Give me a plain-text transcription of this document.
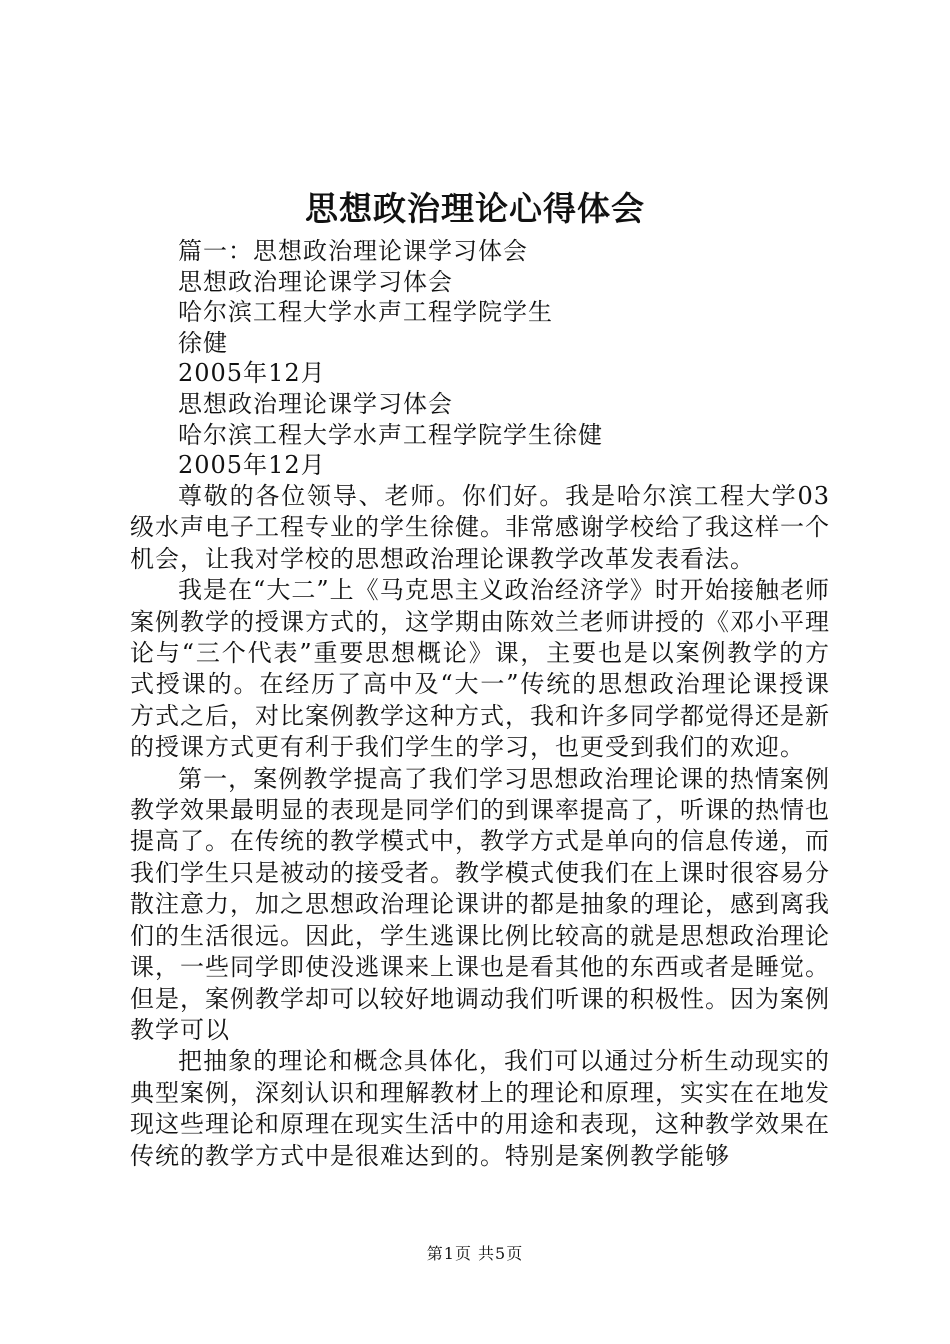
思想政治理论心得体会
篇一：思想政治理论课学习体会
思想政治理论课学习体会
哈尔滨工程大学水声工程学院学生
徐健
2005年12月
思想政治理论课学习体会
哈尔滨工程大学水声工程学院学生徐健
2005年12月

尊敬的各位领导、老师。你们好。我是哈尔滨工程大学03级水声电子工程专业的学生徐健。非常感谢学校给了我这样一个机会，让我对学校的思想政治理论课教学改革发表看法。

我是在“大二”上《马克思主义政治经济学》时开始接触老师案例教学的授课方式的，这学期由陈效兰老师讲授的《邓小平理论与“三个代表”重要思想概论》课，主要也是以案例教学的方式授课的。在经历了高中及“大一”传统的思想政治理论课授课方式之后，对比案例教学这种方式，我和许多同学都觉得还是新的授课方式更有利于我们学生的学习，也更受到我们的欢迎。

第一，案例教学提高了我们学习思想政治理论课的热情案例教学效果最明显的表现是同学们的到课率提高了，听课的热情也提高了。在传统的教学模式中，教学方式是单向的信息传递，而我们学生只是被动的接受者。教学模式使我们在上课时很容易分散注意力，加之思想政治理论课讲的都是抽象的理论，感到离我们的生活很远。因此，学生逃课比例比较高的就是思想政治理论课，一些同学即使没逃课来上课也是看其他的东西或者是睡觉。但是，案例教学却可以较好地调动我们听课的积极性。因为案例教学可以

把抽象的理论和概念具体化，我们可以通过分析生动现实的典型案例，深刻认识和理解教材上的理论和原理，实实在在地发现这些理论和原理在现实生活中的用途和表现，这种教学效果在传统的教学方式中是很难达到的。特别是案例教学能够

第1页 共5页
